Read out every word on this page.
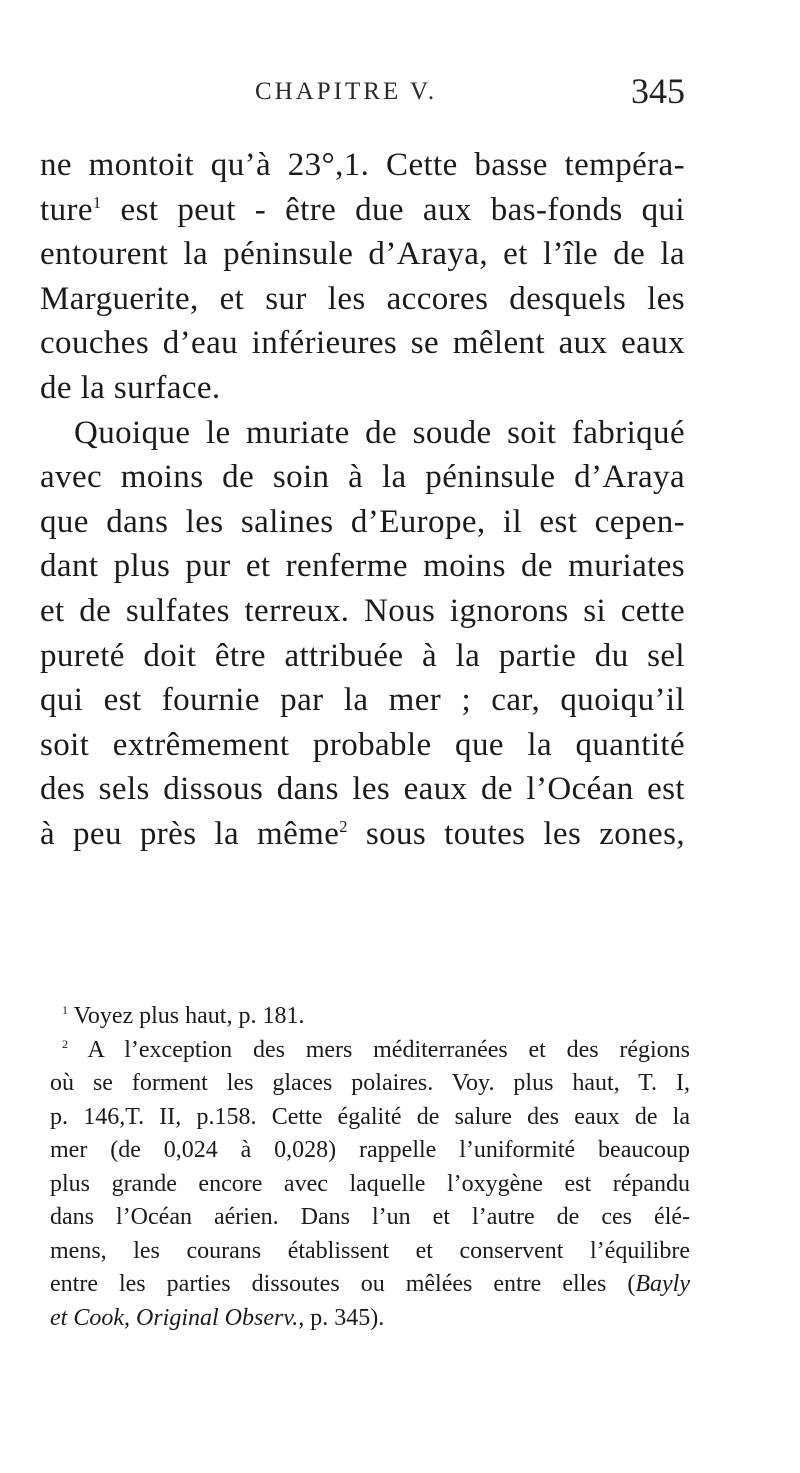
CHAPITRE V.	345
ne montoit qu’à 23°,1. Cette basse tempéra-
ture$^1$ est peut - être due aux bas-fonds qui
entourent la péninsule d’Araya, et l’île de la
Marguerite, et sur les accores desquels les
couches d’eau inférieures se mêlent aux eaux
de la surface.
Quoique le muriate de soude soit fabriqué
avec moins de soin à la péninsule d’Araya
que dans les salines d’Europe, il est cepen-
dant plus pur et renferme moins de muriates
et de sulfates terreux. Nous ignorons si cette
pureté doit être attribuée à la partie du sel
qui est fournie par la mer ; car, quoiqu’il
soit extrêmement probable que la quantité
des sels dissous dans les eaux de l’Océan est
à peu près la même$^2$ sous toutes les zones,
$^1$ Voyez plus haut, p. 181.
$^2$ A l’exception des mers méditerranées et des régions
où se forment les glaces polaires. Voy. plus haut, T. I,
p. 146,T. II, p.158. Cette égalité de salure des eaux de la
mer (de 0,024 à 0,028) rappelle l’uniformité beaucoup
plus grande encore avec laquelle l’oxygène est répandu
dans l’Océan aérien. Dans l’un et l’autre de ces élé-
mens, les courans établissent et conservent l’équilibre
entre les parties dissoutes ou mêlées entre elles (Bayly
et Cook, Original Observ., p. 345).
